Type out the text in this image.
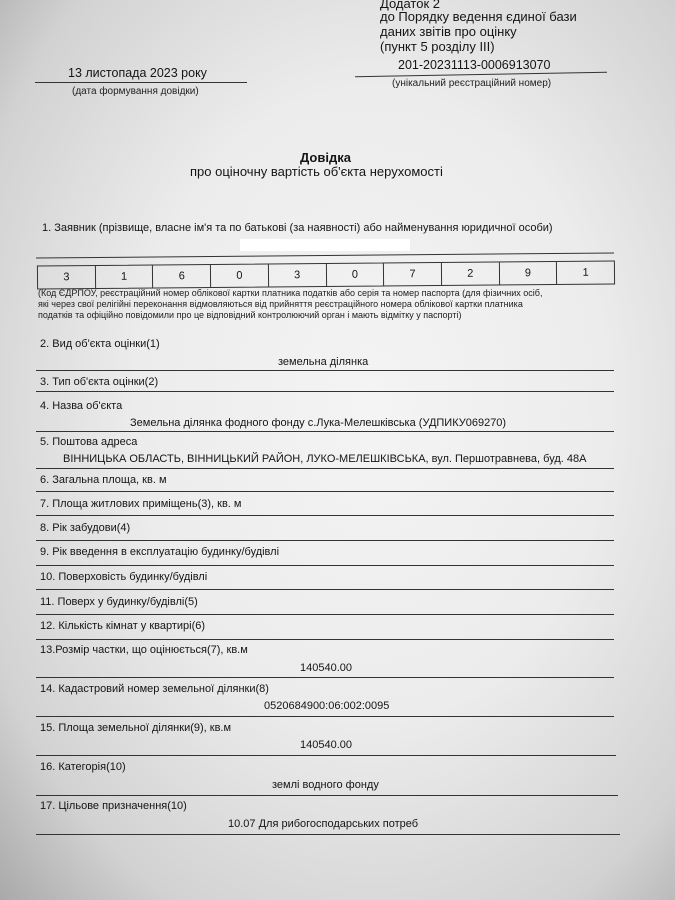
Додаток 2
до Порядку ведення єдиної бази
даних звітів про оцінку
(пункт 5 розділу III)
13 листопада 2023 року
(дата формування довідки)
201-20231113-0006913070
(унікальний реєстраційний номер)
Довідка
про оціночну вартість об'єкта нерухомості
1. Заявник (прізвище, власне ім'я та по батькові (за наявності) або найменування юридичної особи)
3	1	6	0	3	0	7	2	9	1
(Код ЄДРПОУ, реєстраційний номер облікової картки платника податків або серія та номер паспорта (для фізичних осіб,
які через свої релігійні переконання відмовляються від прийняття реєстраційного номера облікової картки платника
податків та офіційно повідомили про це відповідний контролюючий орган і мають відмітку у паспорті)
2. Вид об'єкта оцінки(1)
земельна ділянка
3. Тип об'єкта оцінки(2)
4. Назва об'єкта
Земельна ділянка фодного фонду с.Лука-Мелешківська (УДПИКУ069270)
5. Поштова адреса
ВІННИЦЬКА ОБЛАСТЬ, ВІННИЦЬКИЙ РАЙОН, ЛУКО-МЕЛЕШКІВСЬКА, вул. Першотравнева, буд. 48А
6. Загальна площа, кв. м
7. Площа житлових приміщень(3), кв. м
8. Рік забудови(4)
9. Рік введення в експлуатацію будинку/будівлі
10. Поверховість будинку/будівлі
11. Поверх у будинку/будівлі(5)
12. Кількість кімнат у квартирі(6)
13.Розмір частки, що оцінюється(7), кв.м
140540.00
14. Кадастровий номер земельної ділянки(8)
0520684900:06:002:0095
15. Площа земельної ділянки(9), кв.м
140540.00
16. Категорія(10)
землі водного фонду
17. Цільове призначення(10)
10.07 Для рибогосподарських потреб
